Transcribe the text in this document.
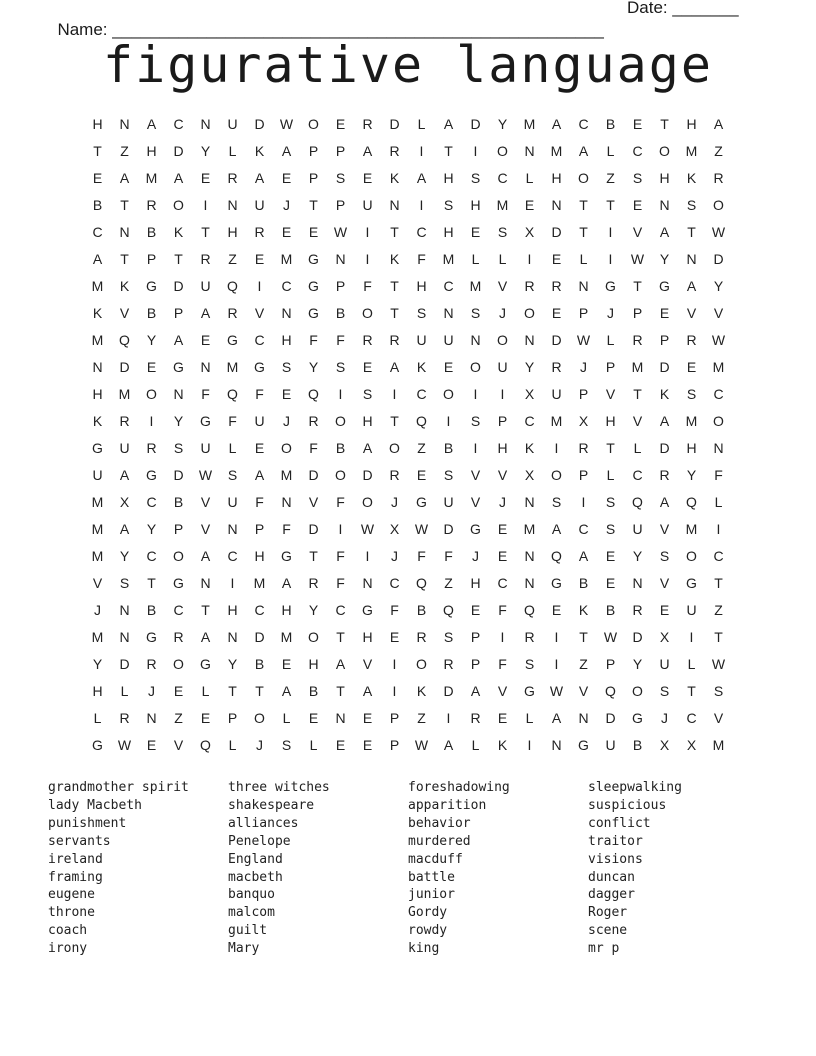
Name: ____________________________________________________

Date: _______

figurative language
H	N	A	C	N	U	D	W	O	E	R	D	L	A	D	Y	M	A	C	B	E	T	H	A
T	Z	H	D	Y	L	K	A	P	P	A	R	I	T	I	O	N	M	A	L	C	O	M	Z
E	A	M	A	E	R	A	E	P	S	E	K	A	H	S	C	L	H	O	Z	S	H	K	R
B	T	R	O	I	N	U	J	T	P	U	N	I	S	H	M	E	N	T	T	E	N	S	O
C	N	B	K	T	H	R	E	E	W	I	T	C	H	E	S	X	D	T	I	V	A	T	W
A	T	P	T	R	Z	E	M	G	N	I	K	F	M	L	L	I	E	L	I	W	Y	N	D
M	K	G	D	U	Q	I	C	G	P	F	T	H	C	M	V	R	R	N	G	T	G	A	Y
K	V	B	P	A	R	V	N	G	B	O	T	S	N	S	J	O	E	P	J	P	E	V	V
M	Q	Y	A	E	G	C	H	F	F	R	R	U	U	N	O	N	D	W	L	R	P	R	W
N	D	E	G	N	M	G	S	Y	S	E	A	K	E	O	U	Y	R	J	P	M	D	E	M
H	M	O	N	F	Q	F	E	Q	I	S	I	C	O	I	I	X	U	P	V	T	K	S	C
K	R	I	Y	G	F	U	J	R	O	H	T	Q	I	S	P	C	M	X	H	V	A	M	O
G	U	R	S	U	L	E	O	F	B	A	O	Z	B	I	H	K	I	R	T	L	D	H	N
U	A	G	D	W	S	A	M	D	O	D	R	E	S	V	V	X	O	P	L	C	R	Y	F
M	X	C	B	V	U	F	N	V	F	O	J	G	U	V	J	N	S	I	S	Q	A	Q	L
M	A	Y	P	V	N	P	F	D	I	W	X	W	D	G	E	M	A	C	S	U	V	M	I
M	Y	C	O	A	C	H	G	T	F	I	J	F	F	J	E	N	Q	A	E	Y	S	O	C
V	S	T	G	N	I	M	A	R	F	N	C	Q	Z	H	C	N	G	B	E	N	V	G	T
J	N	B	C	T	H	C	H	Y	C	G	F	B	Q	E	F	Q	E	K	B	R	E	U	Z
M	N	G	R	A	N	D	M	O	T	H	E	R	S	P	I	R	I	T	W	D	X	I	T
Y	D	R	O	G	Y	B	E	H	A	V	I	O	R	P	F	S	I	Z	P	Y	U	L	W
H	L	J	E	L	T	T	A	B	T	A	I	K	D	A	V	G	W	V	Q	O	S	T	S
L	R	N	Z	E	P	O	L	E	N	E	P	Z	I	R	E	L	A	N	D	G	J	C	V
G	W	E	V	Q	L	J	S	L	E	E	P	W	A	L	K	I	N	G	U	B	X	X	M
grandmother spirit
lady Macbeth
punishment
servants
ireland
framing
eugene
throne
coach
irony
three witches
shakespeare
alliances
Penelope
England
macbeth
banquo
malcom
guilt
Mary
foreshadowing
apparition
behavior
murdered
macduff
battle
junior
Gordy
rowdy
king
sleepwalking
suspicious
conflict
traitor
visions
duncan
dagger
Roger
scene
mr p
